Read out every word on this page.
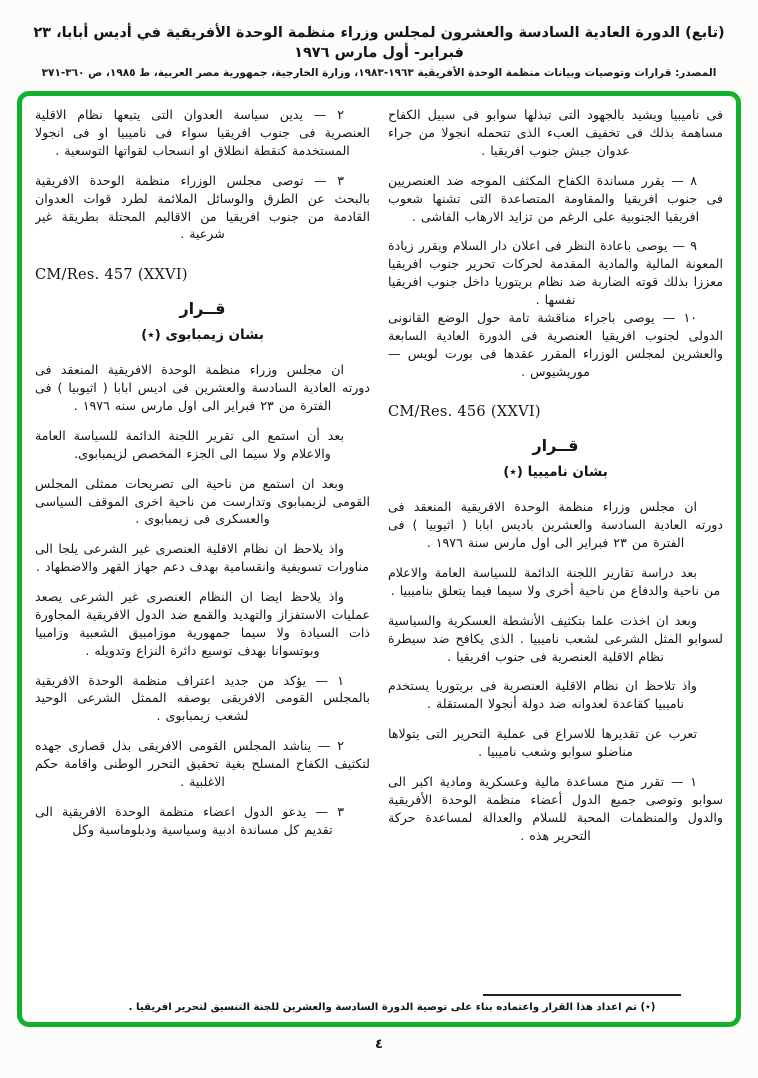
(تابع) الدورة العادية السادسة والعشرون لمجلس وزراء منظمة الوحدة الأفريقية في أديس أبابا، ٢٣ فبراير- أول مارس ١٩٧٦
المصدر: قرارات وتوصيات وبيانات منظمة الوحدة الأفريقية ١٩٦٣-١٩٨٣، وزارة الخارجية، جمهورية مصر العربية، ط ١٩٨٥، ص ٣٦٠-٣٧١

فى ناميبيا ويشيد بالجهود التى تبذلها سوابو فى سبيل الكفاح مساهمة بذلك فى تخفيف العبء الذى تتحمله انجولا من جراء عدوان جيش جنوب افريقيا .

٨ — يقرر مساندة الكفاح المكثف الموجه ضد العنصريين فى جنوب افريقيا والمقاومة المتصاعدة التى تشنها شعوب افريقيا الجنوبية على الرغم من تزايد الارهاب الفاشى .

٩ — يوصى باعادة النظر فى اعلان دار السلام ويقرر زيادة المعونة المالية والمادية المقدمة لحركات تحرير جنوب افريقيا معززا بذلك قوته الضاربة ضد نظام بريتوريا داخل جنوب افريقيا نفسها .

١٠ — يوصى باجراء مناقشة تامة حول الوضع القانونى الدولى لجنوب افريقيا العنصرية فى الدورة العادية السابعة والعشرين لمجلس الوزراء المقرر عقدها فى بورت لويس — موريشيوس .

CM/Res. 456 (XXVI)
قــرار
بشان ناميبيا (٭)

ان مجلس وزراء منظمة الوحدة الافريقية المنعقد فى دورته العادية السادسة والعشرين باديس ابابا ( اثيوبيا ) فى الفترة من ٢٣ فبراير الى اول مارس سنة ١٩٧٦ .

بعد دراسة تقارير اللجنة الدائمة للسياسة العامة والاعلام من ناحية والدفاع من ناحية أخرى ولا سيما فيما يتعلق بناميبيا .

وبعد ان اخذت علما بتكثيف الأنشطة العسكرية والسياسية لسوابو المثل الشرعى لشعب ناميبيا . الذى يكافح ضد سيطرة نظام الاقلية العنصرية فى جنوب افريقيا .

واذ تلاحظ ان نظام الاقلية العنصرية فى بريتوريا يستخدم ناميبيا كقاعدة لعدوانه ضد دولة أنجولا المستقلة .

تعرب عن تقديرها للاسراع فى عملية التحرير التى يتولاها مناضلو سوابو وشعب ناميبيا .

١ — تقرر منح مساعدة مالية وعسكرية ومادية اكبر الى سوابو وتوصى جميع الدول أعضاء منظمة الوحدة الأفريقية والدول والمنظمات المحبة للسلام والعدالة لمساعدة حركة التحرير هذه .

٢ — يدين سياسة العدوان التى يتبعها نظام الاقلية العنصرية فى جنوب افريقيا سواء فى ناميبيا او فى انجولا المستخدمة كنقطة انطلاق او انسحاب لقواتها التوسعية .

٣ — توصى مجلس الوزراء منظمة الوحدة الافريقية بالبحث عن الطرق والوسائل الملائمة لطرد قوات العدوان القادمة من جنوب افريقيا من الاقاليم المحتلة بطريقة غير شرعية .

CM/Res. 457 (XXVI)
قــرار
بشان زيمبابوى (٭)

ان مجلس وزراء منظمة الوحدة الافريقية المنعقد فى دورته العادية السادسة والعشرين فى اديس ابابا ( اثيوبيا ) فى الفترة من ٢٣ فبراير الى اول مارس سنه ١٩٧٦ .

بعد أن استمع الى تقرير اللجنة الدائمة للسياسة العامة والاعلام ولا سيما الى الجزء المخصص لزيمبابوى.

وبعد ان استمع من ناحية الى تصريحات ممثلى المجلس القومى لزيمبابوى وتدارست من ناحية اخرى الموقف السياسى والعسكرى فى زيمبابوى .

واذ يلاحظ ان نظام الاقلية العنصرى غير الشرعى يلجا الى مناورات تسويفية وانقسامية بهدف دعم جهاز القهر والاضطهاد .

واذ يلاحظ ايضا ان النظام العنصرى غير الشرعى يصعد عمليات الاستفزاز والتهديد والقمع ضد الدول الافريقية المجاورة ذات السيادة ولا سيما جمهورية موزامبيق الشعبية وزامبيا وبوتسوانا بهدف توسيع دائرة النزاع وتدويله .

١ — يؤكد من جديد اعتراف منظمة الوحدة الافريقية بالمجلس القومى الافريقى بوصفه الممثل الشرعى الوحيد لشعب زيمبابوى .

٢ — يناشد المجلس القومى الافريقى بذل قصارى جهده لتكثيف الكفاح المسلح بغية تحقيق التحرر الوطنى واقامة حكم الاغلبية .

٣ — يدعو الدول اعضاء منظمة الوحدة الافريقية الى تقديم كل مساندة ادبية وسياسية ودبلوماسية وكل

(٭) تم اعداد هذا القرار واعتماده بناء على توصية الدورة السادسة والعشرين للجنة التنسيق لتحرير افريقيا .
٤
